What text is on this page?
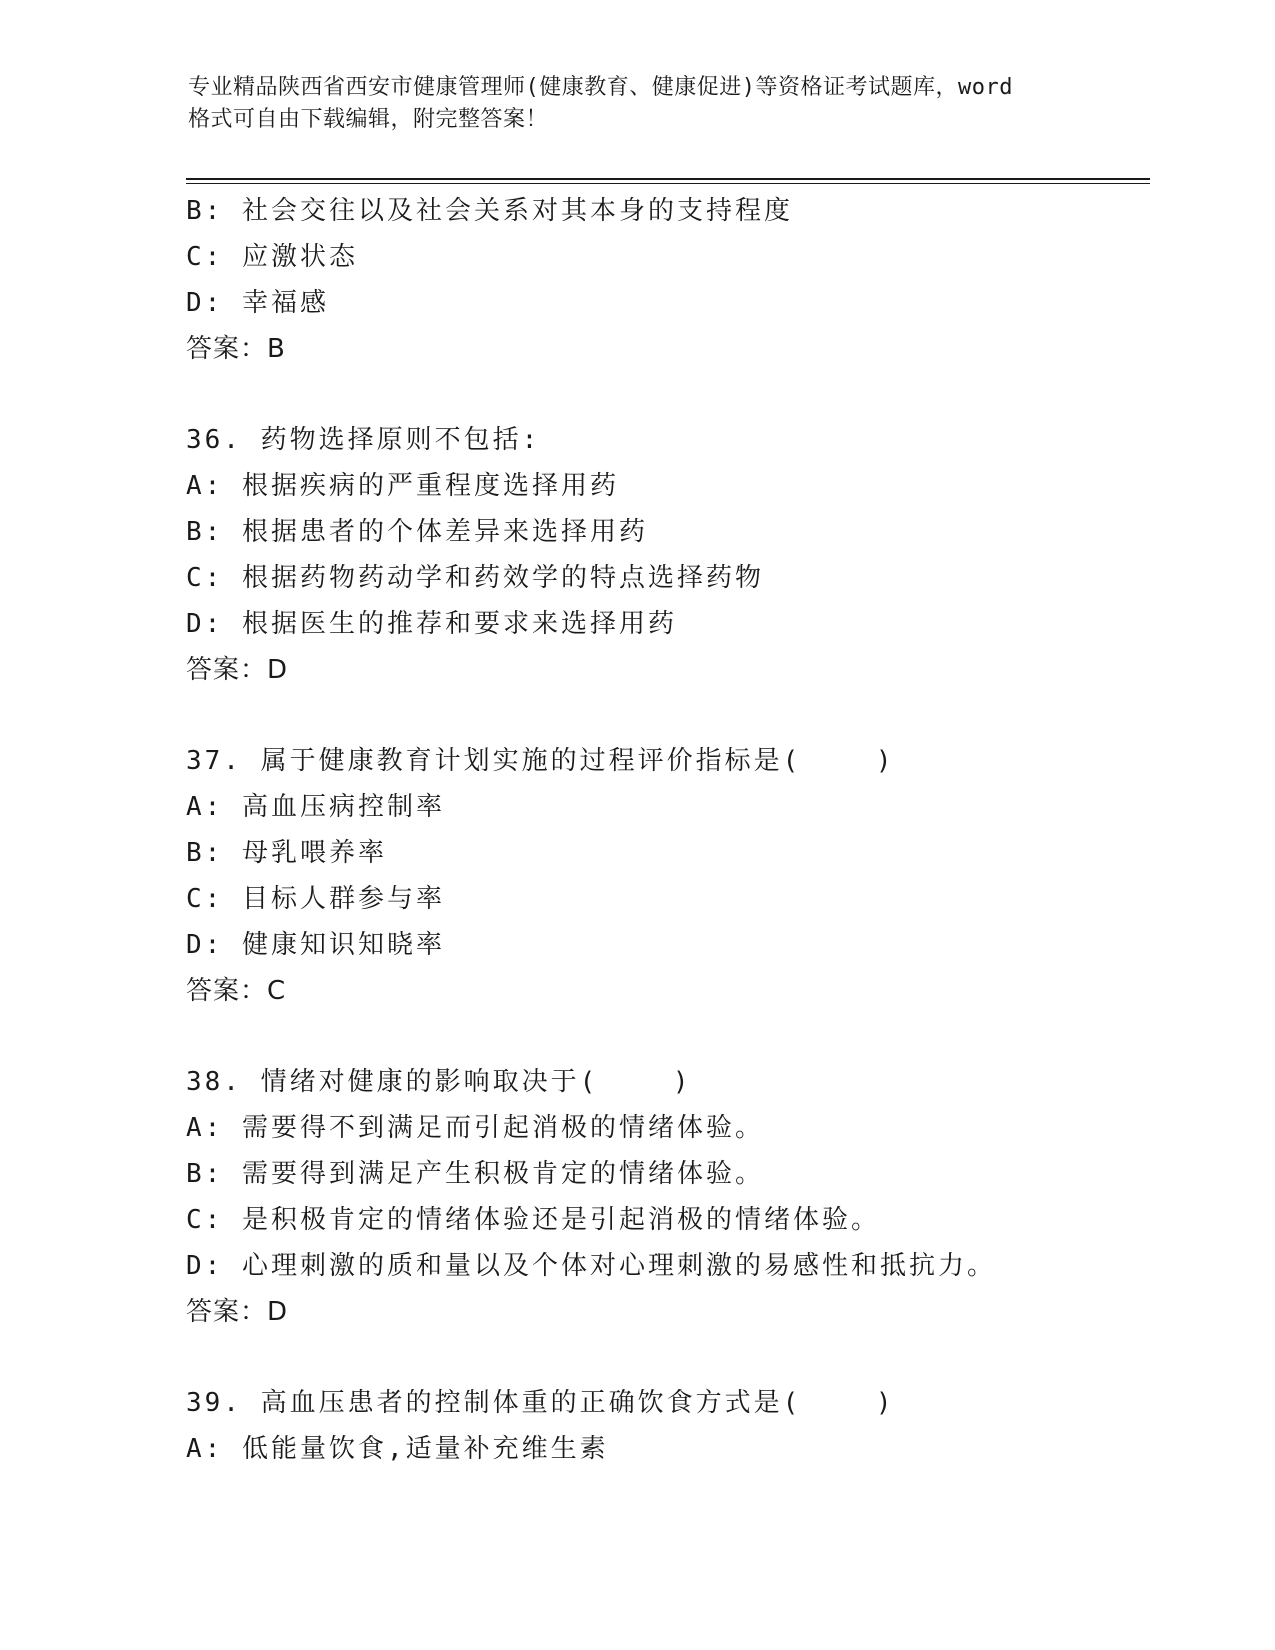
专业精品陕西省西安市健康管理师(健康教育、健康促进)等资格证考试题库，word
格式可自由下载编辑，附完整答案！
B: 社会交往以及社会关系对其本身的支持程度
C: 应激状态
D: 幸福感
答案：B
36. 药物选择原则不包括:
A: 根据疾病的严重程度选择用药
B: 根据患者的个体差异来选择用药
C: 根据药物药动学和药效学的特点选择药物
D: 根据医生的推荐和要求来选择用药
答案：D
37. 属于健康教育计划实施的过程评价指标是(    )
A: 高血压病控制率
B: 母乳喂养率
C: 目标人群参与率
D: 健康知识知晓率
答案：C
38. 情绪对健康的影响取决于(    )
A: 需要得不到满足而引起消极的情绪体验。
B: 需要得到满足产生积极肯定的情绪体验。
C: 是积极肯定的情绪体验还是引起消极的情绪体验。
D: 心理刺激的质和量以及个体对心理刺激的易感性和抵抗力。
答案：D
39. 高血压患者的控制体重的正确饮食方式是(    )
A: 低能量饮食,适量补充维生素
